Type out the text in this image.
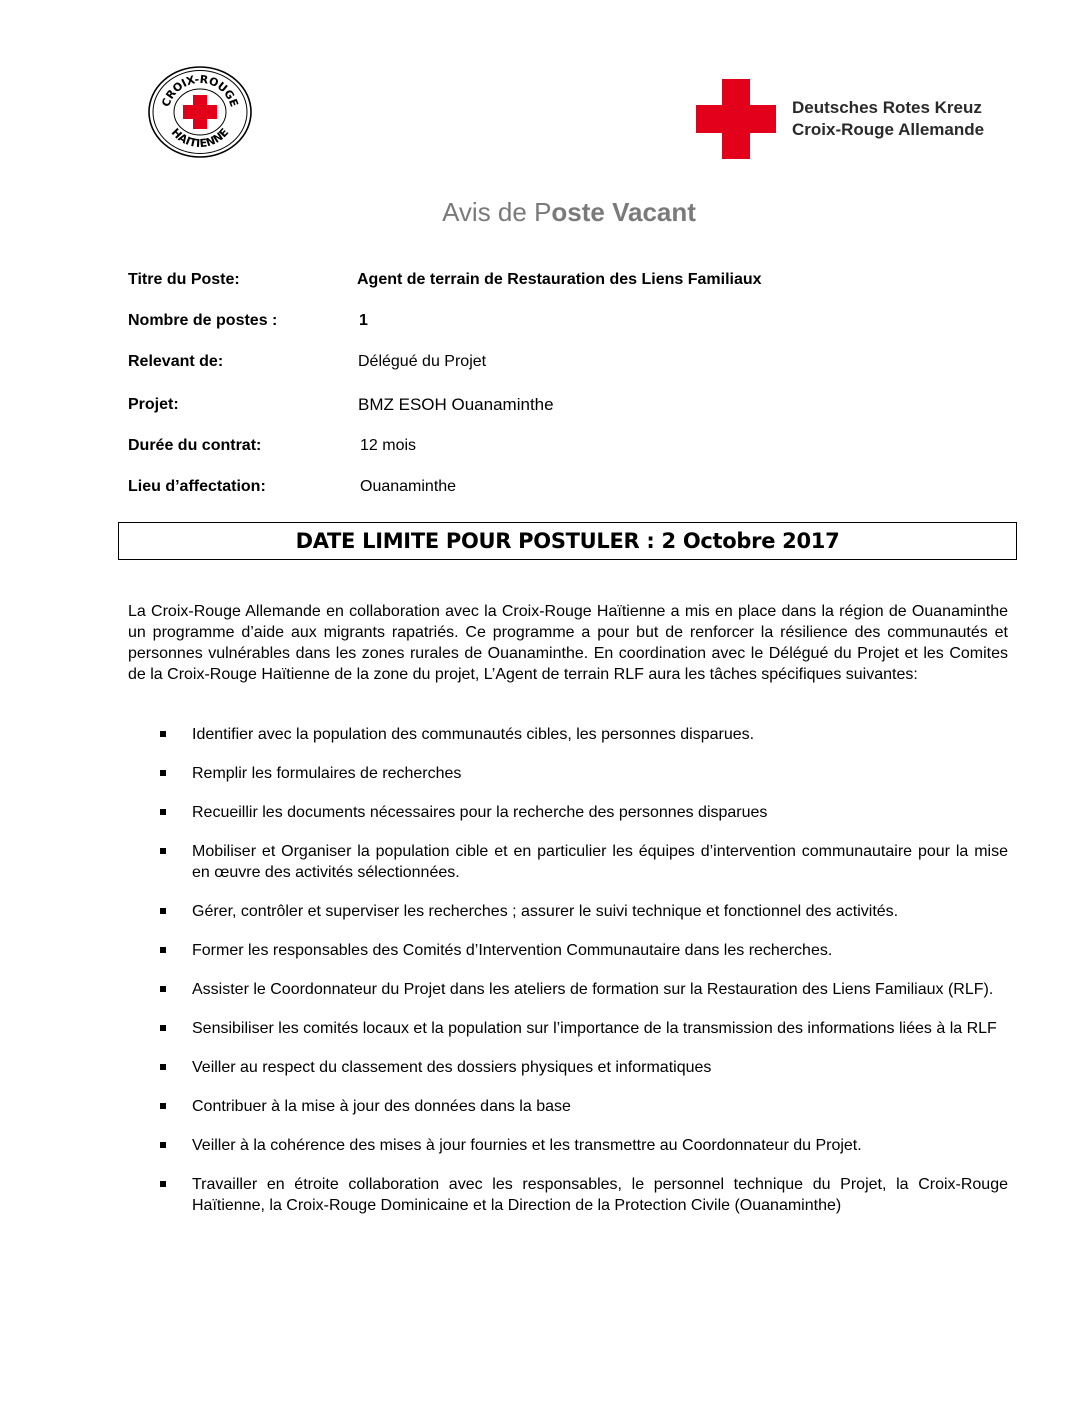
CROIX-ROUGE
HAITIENNE
Deutsches Rotes Kreuz
Croix-Rouge Allemande
Avis de Poste Vacant
Titre du Poste:	Agent de terrain de Restauration des Liens Familiaux
Nombre de postes :	1
Relevant de:	Délégué du Projet
Projet:	BMZ ESOH Ouanaminthe
Durée du contrat:	12 mois
Lieu d’affectation:	Ouanaminthe
DATE LIMITE POUR POSTULER : 2 Octobre 2017
La Croix-Rouge Allemande en collaboration avec la Croix-Rouge Haïtienne a mis en place dans la région de Ouanaminthe un programme d’aide aux migrants rapatriés. Ce programme a pour but de renforcer la résilience des communautés et personnes vulnérables dans les zones rurales de Ouanaminthe. En coordination avec le Délégué du Projet et les Comites de la Croix-Rouge Haïtienne de la zone du projet, L’Agent de terrain RLF aura les tâches spécifiques suivantes:
Identifier avec la population des communautés cibles, les personnes disparues.
Remplir les formulaires de recherches
Recueillir les documents nécessaires pour la recherche des personnes disparues
Mobiliser et Organiser la population cible et en particulier les équipes d’intervention communautaire pour la mise en œuvre des activités sélectionnées.
Gérer, contrôler et superviser les recherches ; assurer le suivi technique et fonctionnel des activités.
Former les responsables des Comités d’Intervention Communautaire dans les recherches.
Assister le Coordonnateur du Projet dans les ateliers de formation sur la Restauration des Liens Familiaux (RLF).
Sensibiliser les comités locaux et la population sur l’importance de la transmission des informations liées à la RLF
Veiller au respect du classement des dossiers physiques et informatiques
Contribuer à la mise à jour des données dans la base
Veiller à la cohérence des mises à jour fournies et les transmettre au Coordonnateur du Projet.
Travailler en étroite collaboration avec les responsables, le personnel technique du Projet, la Croix-Rouge Haïtienne, la Croix-Rouge Dominicaine et la Direction de la Protection Civile (Ouanaminthe)
